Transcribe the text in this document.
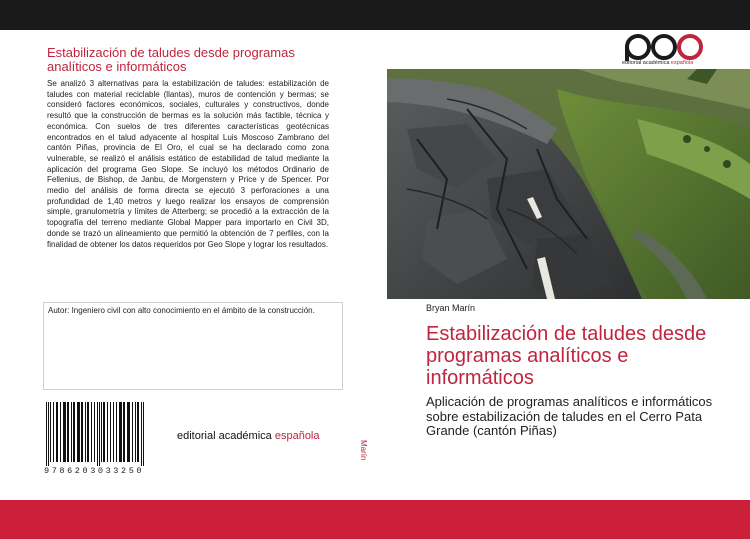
Estabilización de taludes desde programas analíticos e informáticos
Se analizó 3 alternativas para la estabilización de taludes: estabilización de taludes con material reciclable (llantas), muros de contención y bermas; se consideró factores económicos, sociales, culturales y constructivos, donde resultó que la construcción de bermas es la solución más factible, técnica y económica. Con suelos de tres diferentes características geotécnicas encontrados en el talud adyacente al hospital Luis Moscoso Zambrano del cantón Piñas, provincia de El Oro, el cual se ha declarado como zona vulnerable, se realizó el análisis estático de estabilidad de talud mediante la aplicación del programa Geo Slope. Se incluyó los métodos Ordinario de Fellenius, de Bishop, de Janbu, de Morgenstern y Price y de Spencer. Por medio del análisis de forma directa se ejecutó 3 perforaciones a una profundidad de 1,40 metros y luego realizar los ensayos de comprensión simple, granulometría y límites de Atterberg; se procedió a la extracción de la topografía del terreno mediante Global Mapper para importarlo en Civil 3D, donde se trazó un alineamiento que permitió la obtención de 7 perfiles, con la finalidad de obtener los datos requeridos por Geo Slope y lograr los resultados.
Autor: Ingeniero civil con alto conocimiento en el ámbito de la construcción.
9786203033250
editorial académica española
Marín
editorial académica española
Bryan Marín
Estabilización de taludes desde programas analíticos e informáticos
Aplicación de programas analíticos e informáticos sobre estabilización de taludes en el Cerro Pata Grande (cantón Piñas)
